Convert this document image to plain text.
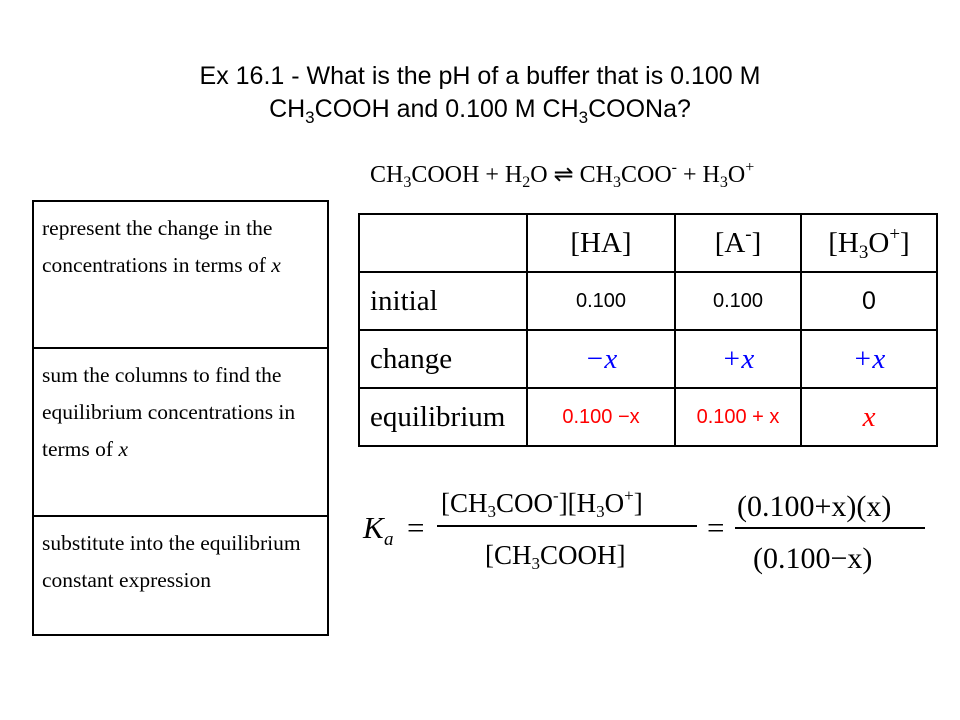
Ex 16.1 - What is the pH of a buffer that is 0.100 M
$CH_3COOH$ and 0.100 M $CH_3COONa$?
$CH_3COOH + H_2O$ ⇌ $CH_3COO^- + H_3O^+$
represent the change in the concentrations in terms of x
sum the columns to find the equilibrium concentrations in terms of x
substitute into the equilibrium constant expression
	[HA]	[A-]	$[H_3O^+]$
initial	0.100	0.100	0
change	−x	+x	+x
equilibrium	0.100 −x	0.100 + x	x
K a =
[CH3COO-][H3O+]
[CH3COOH]
=
(0.100+x)(x)
(0.100−x)
